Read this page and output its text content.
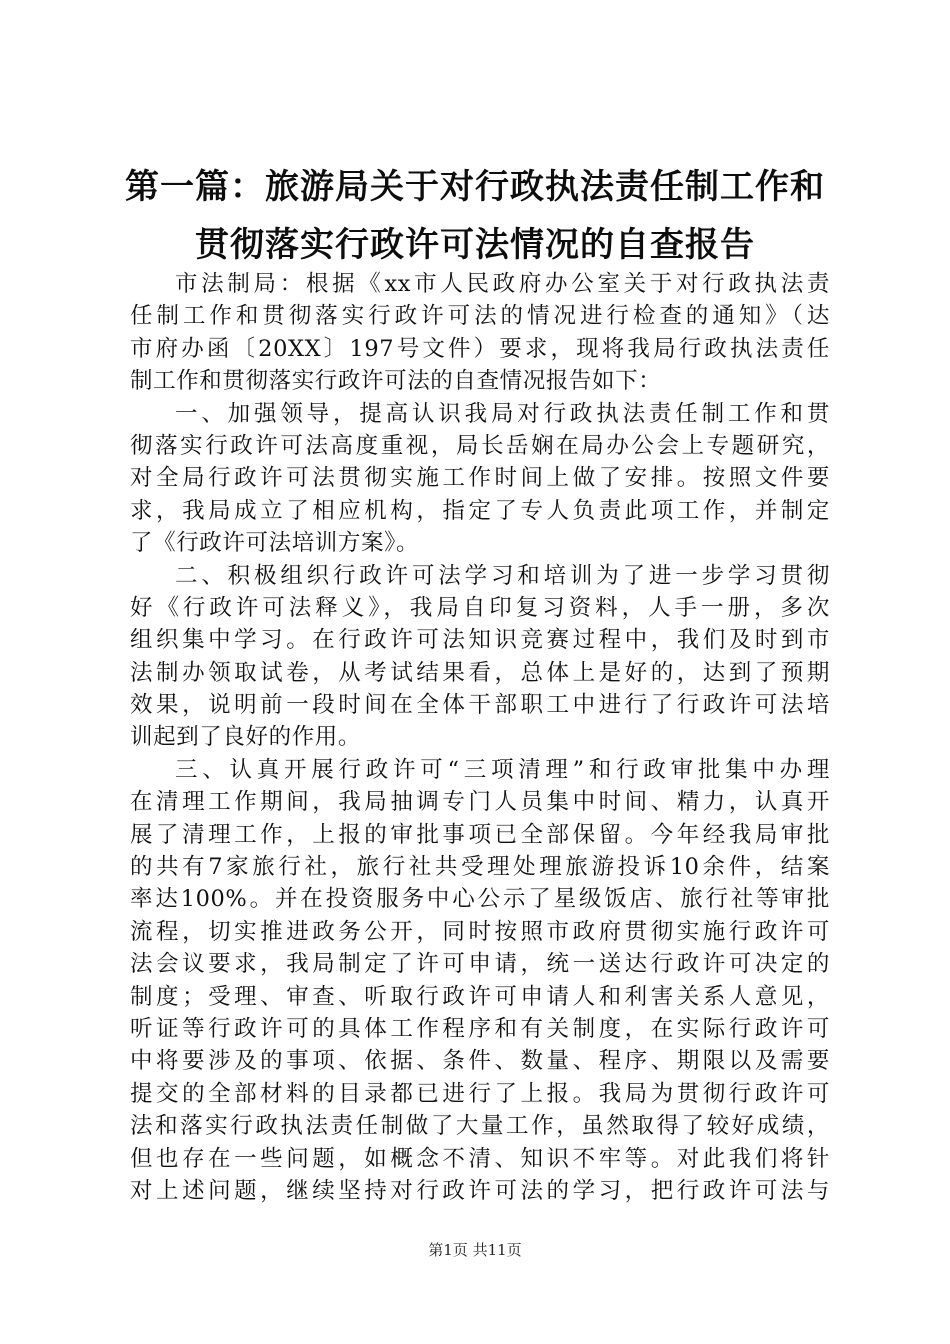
第一篇：旅游局关于对行政执法责任制工作和
贯彻落实行政许可法情况的自查报告
市法制局：根据《xx市人民政府办公室关于对行政执法责
任制工作和贯彻落实行政许可法的情况进行检查的通知》（达
市府办函〔20XX〕197号文件）要求，现将我局行政执法责任
制工作和贯彻落实行政许可法的自查情况报告如下：
一、加强领导，提高认识我局对行政执法责任制工作和贯
彻落实行政许可法高度重视，局长岳娴在局办公会上专题研究，
对全局行政许可法贯彻实施工作时间上做了安排。按照文件要
求，我局成立了相应机构，指定了专人负责此项工作，并制定
了《行政许可法培训方案》。
二、积极组织行政许可法学习和培训为了进一步学习贯彻
好《行政许可法释义》，我局自印复习资料，人手一册，多次
组织集中学习。在行政许可法知识竞赛过程中，我们及时到市
法制办领取试卷，从考试结果看，总体上是好的，达到了预期
效果，说明前一段时间在全体干部职工中进行了行政许可法培
训起到了良好的作用。
三、认真开展行政许可“三项清理”和行政审批集中办理
在清理工作期间，我局抽调专门人员集中时间、精力，认真开
展了清理工作，上报的审批事项已全部保留。今年经我局审批
的共有7家旅行社，旅行社共受理处理旅游投诉10余件，结案
率达100%。并在投资服务中心公示了星级饭店、旅行社等审批
流程，切实推进政务公开，同时按照市政府贯彻实施行政许可
法会议要求，我局制定了许可申请，统一送达行政许可决定的
制度；受理、审查、听取行政许可申请人和利害关系人意见，
听证等行政许可的具体工作程序和有关制度，在实际行政许可
中将要涉及的事项、依据、条件、数量、程序、期限以及需要
提交的全部材料的目录都已进行了上报。我局为贯彻行政许可
法和落实行政执法责任制做了大量工作，虽然取得了较好成绩，
但也存在一些问题，如概念不清、知识不牢等。对此我们将针
对上述问题，继续坚持对行政许可法的学习，把行政许可法与
第1页 共11页
